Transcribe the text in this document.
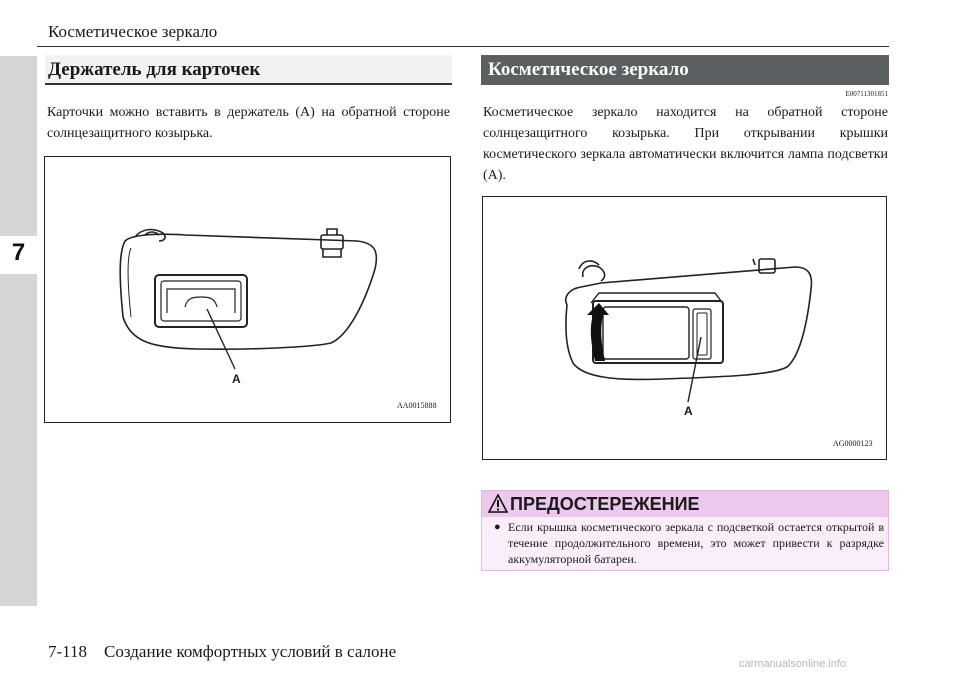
7
Косметическое зеркало
Держатель для карточек
Карточки можно вставить в держатель (A) на обратной стороне солнцезащитного козырька.
A
AA0015888
Косметическое зеркало
E00711301851
Косметическое зеркало находится на обратной стороне солнцезащитного козырька. При открывании крышки косметического зеркала автоматически включится лампа подсветки (A).
A
AG0000123
ПРЕДОСТЕРЕЖЕНИЕ
● Если крышка косметического зеркала с подсветкой остается открытой в течение продолжительного времени, это может привести к разрядке аккумуляторной батареи.
7-118    Создание комфортных условий в салоне
carmanualsonline.info
